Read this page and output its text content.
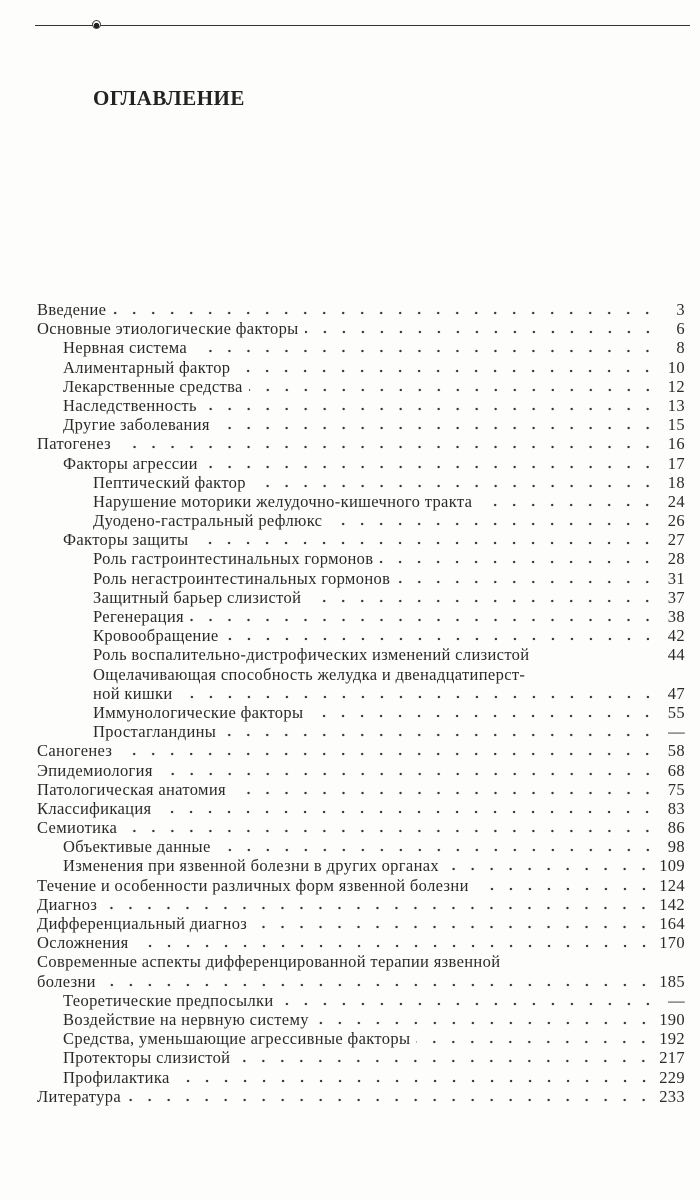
ОГЛАВЛЕНИЕ
Введение	3
Основные этиологические факторы	6
Нервная система	8
Алиментарный фактор	10
Лекарственные средства	12
Наследственность	13
Другие заболевания	15
Патогенез	16
Факторы агрессии	17
Пептический фактор	18
Нарушение моторики желудочно-кишечного тракта	24
Дуодено-гастральный рефлюкс	26
Факторы защиты	27
Роль гастроинтестинальных гормонов	28
Роль негастроинтестинальных гормонов	31
Защитный барьер слизистой	37
Регенерация	38
Кровообращение	42
Роль воспалительно-дистрофических изменений слизистой	44
Ощелачивающая способность желудка и двенадцатиперст-
ной кишки	47
Иммунологические факторы	55
Простагландины	—
Саногенез	58
Эпидемиология	68
Патологическая анатомия	75
Классификация	83
Семиотика	86
Объективые данные	98
Изменения при язвенной болезни в других органах	109
Течение и особенности различных форм язвенной болезни	124
Диагноз	142
Дифференциальный диагноз	164
Осложнения	170
Современные аспекты дифференцированной терапии язвенной
болезни	185
Теоретические предпосылки	—
Воздействие на нервную систему	190
Средства, уменьшающие агрессивные факторы	192
Протекторы слизистой	217
Профилактика	229
Литература	233
